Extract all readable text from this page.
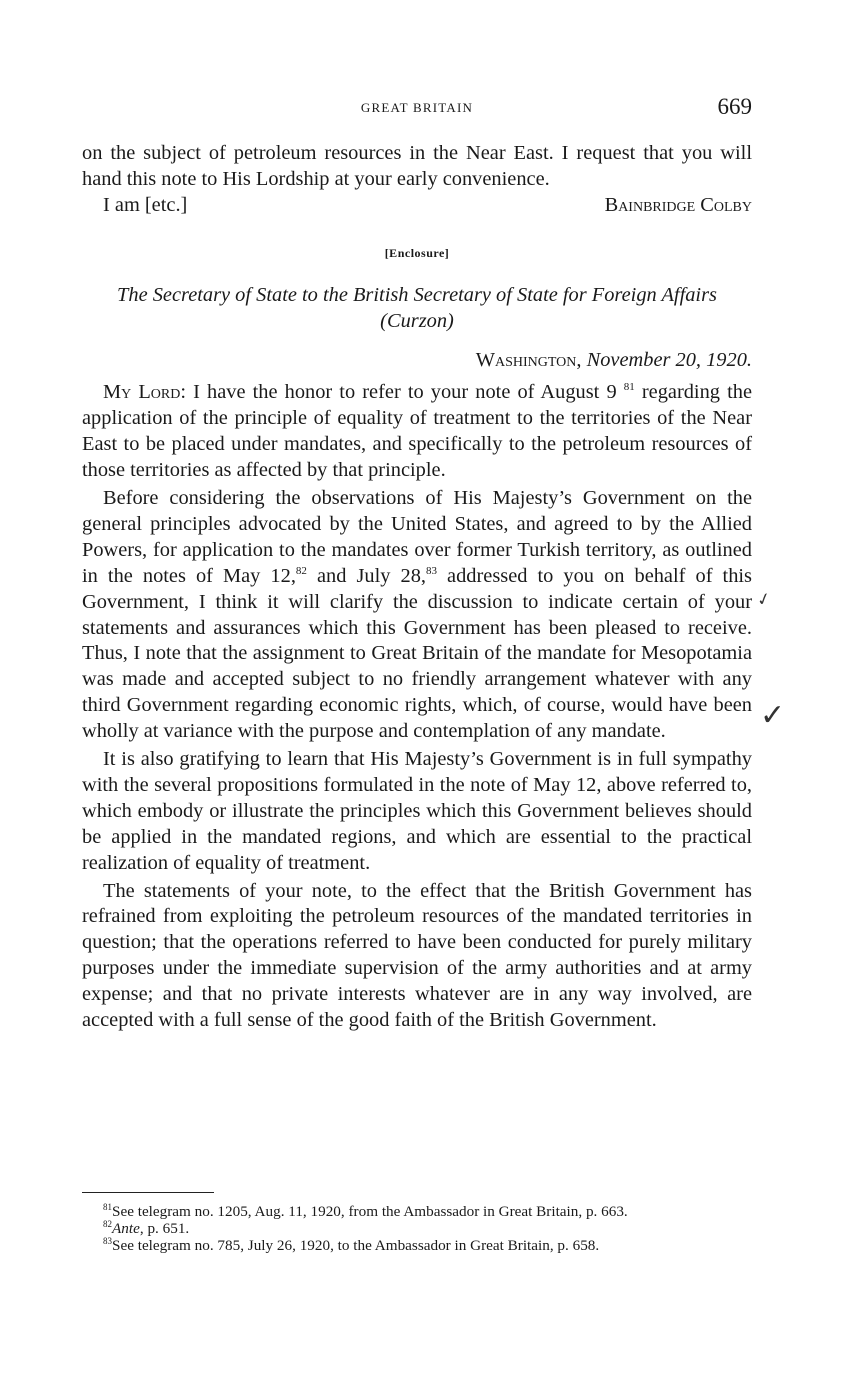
GREAT BRITAIN	669

on the subject of petroleum resources in the Near East. I request that you will hand this note to His Lordship at your early convenience.

I am [etc.]	Bainbridge Colby
[Enclosure]
The Secretary of State to the British Secretary of State for Foreign Affairs (Curzon)
Washington, November 20, 1920.

My Lord: I have the honor to refer to your note of August 9 $^{81}$ regarding the application of the principle of equality of treatment to the territories of the Near East to be placed under mandates, and specifically to the petroleum resources of those territories as affected by that principle.

Before considering the observations of His Majesty’s Government on the general principles advocated by the United States, and agreed to by the Allied Powers, for application to the mandates over former Turkish territory, as outlined in the notes of May 12,82 and July 28,83 addressed to you on behalf of this Government, I think it will clarify the discussion to indicate certain of your statements and assurances which this Government has been pleased to receive. Thus, I note that the assignment to Great Britain of the mandate for Mesopotamia was made and accepted subject to no friendly arrangement whatever with any third Government regarding economic rights, which, of course, would have been wholly at variance with the purpose and contemplation of any mandate.

It is also gratifying to learn that His Majesty’s Government is in full sympathy with the several propositions formulated in the note of May 12, above referred to, which embody or illustrate the principles which this Government believes should be applied in the mandated regions, and which are essential to the practical realization of equality of treatment.

The statements of your note, to the effect that the British Government has refrained from exploiting the petroleum resources of the mandated territories in question; that the operations referred to have been conducted for purely military purposes under the immediate supervision of the army authorities and at army expense; and that no private interests whatever are in any way involved, are accepted with a full sense of the good faith of the British Government.

$^{81}$See telegram no. 1205, Aug. 11, 1920, from the Ambassador in Great Britain, p. 663.

$^{82}$Ante, p. 651.

$^{83}$See telegram no. 785, July 26, 1920, to the Ambassador in Great Britain, p. 658.

✓
✓
